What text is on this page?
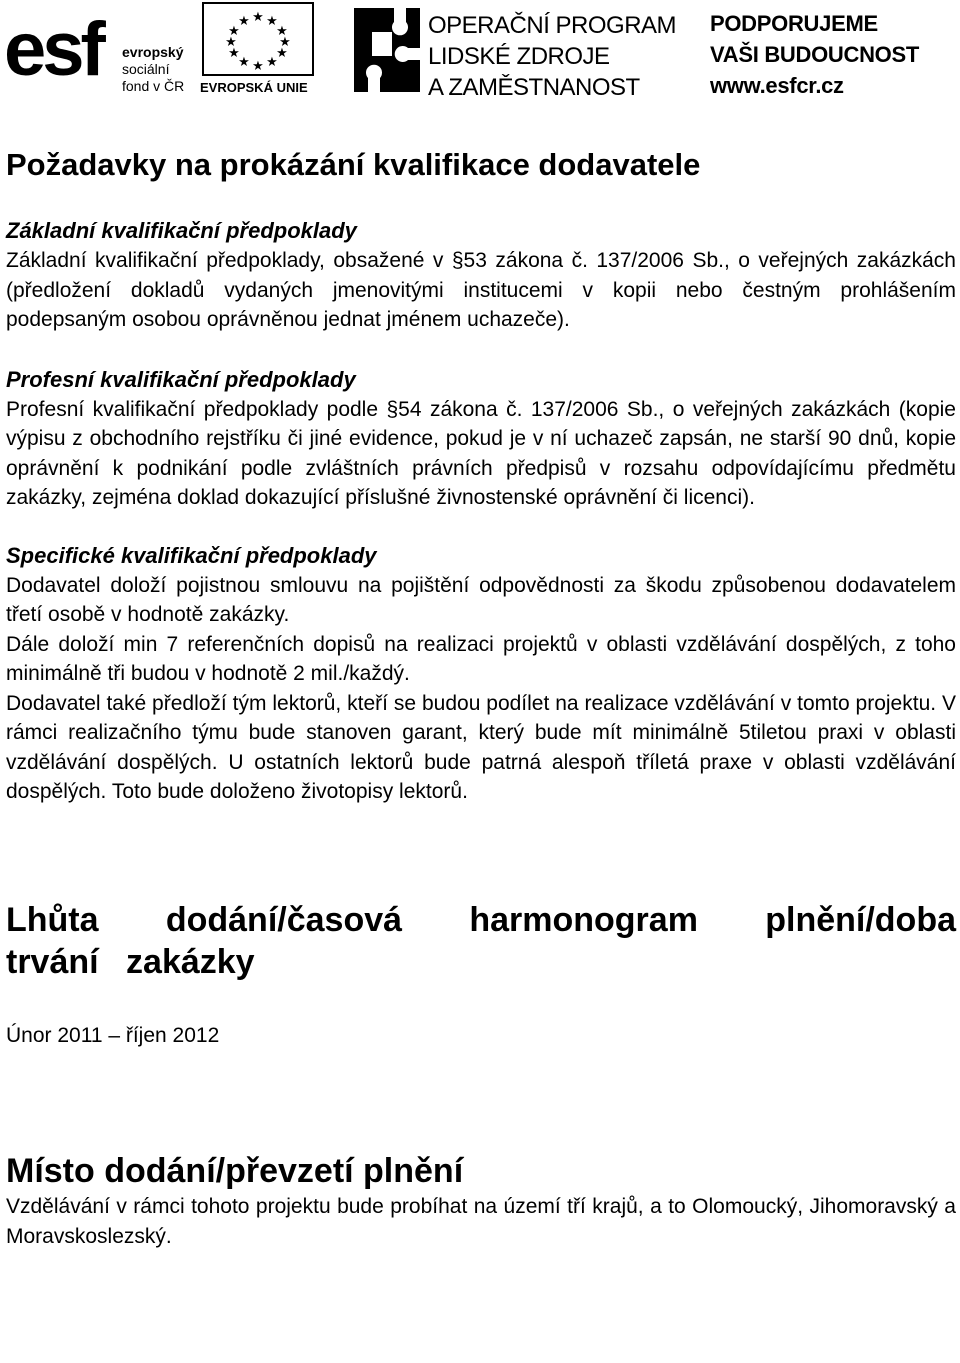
esf evropský
sociální
fond v ČR
★ ★
★
★
★
★
★
★
★
★
★
★
EVROPSKÁ UNIE
OPERAČNÍ PROGRAM
LIDSKÉ ZDROJE
A ZAMĚSTNANOST
PODPORUJEME
VAŠI BUDOUCNOST
www.esfcr.cz
Požadavky na prokázání kvalifikace dodavatele
Základní kvalifikační předpoklady

Základní kvalifikační předpoklady, obsažené v §53 zákona č. 137/2006 Sb., o veřejných zakázkách (předložení dokladů vydaných jmenovitými institucemi v kopii nebo čestným prohlášením podepsaným osobou oprávněnou jednat jménem uchazeče).

Profesní kvalifikační předpoklady

Profesní kvalifikační předpoklady podle §54 zákona č. 137/2006 Sb., o veřejných zakázkách (kopie výpisu z obchodního rejstříku či jiné evidence, pokud je v ní uchazeč zapsán, ne starší 90 dnů, kopie oprávnění k podnikání podle zvláštních právních předpisů v rozsahu odpovídajícímu předmětu zakázky, zejména doklad dokazující příslušné živnostenské oprávnění či licenci).

Specifické kvalifikační předpoklady

Dodavatel doloží pojistnou smlouvu na pojištění odpovědnosti za škodu způsobenou dodavatelem třetí osobě v hodnotě zakázky.

Dále doloží min 7 referenčních dopisů na realizaci projektů v oblasti vzdělávání dospělých, z toho minimálně tři budou v hodnotě 2 mil./každý.

Dodavatel také předloží tým lektorů, kteří se budou podílet na realizace vzdělávání v tomto projektu. V rámci realizačního týmu bude stanoven garant, který bude mít minimálně 5tiletou praxi v oblasti vzdělávání dospělých. U ostatních lektorů bude patrná alespoň tříletá praxe v oblasti vzdělávání dospělých. Toto bude doloženo životopisy lektorů.

Lhůta dodání/časová harmonogram plnění/doba trvání zakázky

Únor 2011 – říjen 2012

Místo dodání/převzetí plnění

Vzdělávání v rámci tohoto projektu bude probíhat na území tří krajů, a to Olomoucký, Jihomoravský a Moravskoslezský.
